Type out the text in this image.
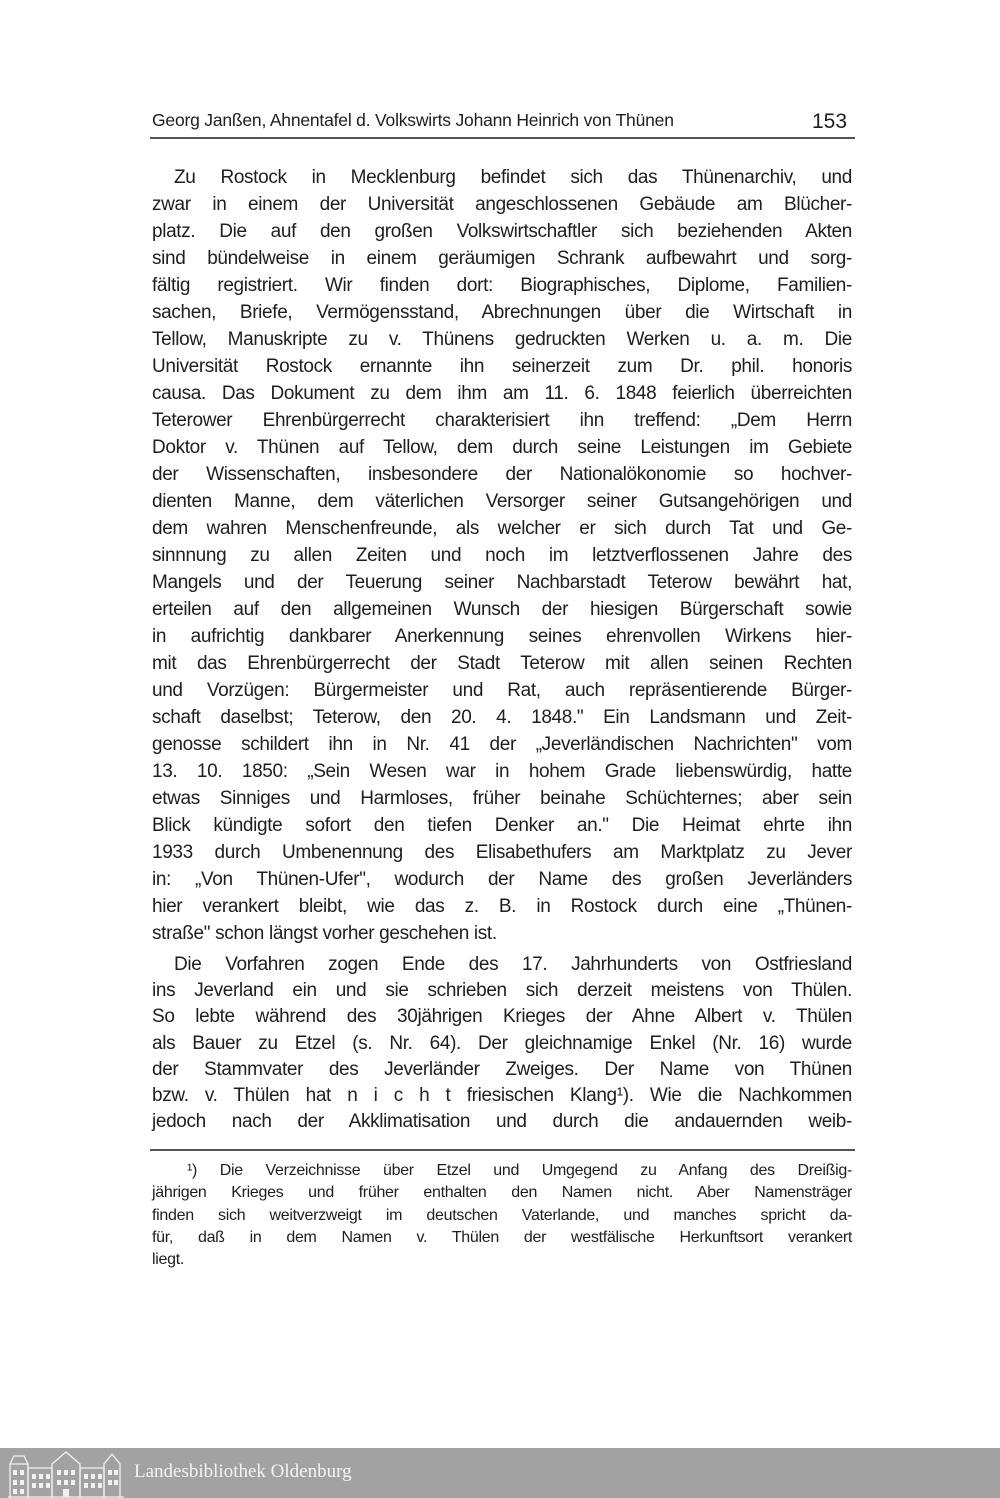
Georg Janßen, Ahnentafel d. Volkswirts Johann Heinrich von Thünen	153
Zu Rostock in Mecklenburg befindet sich das Thünenarchiv, und
zwar in einem der Universität angeschlossenen Gebäude am Blücher-
platz. Die auf den großen Volkswirtschaftler sich beziehenden Akten
sind bündelweise in einem geräumigen Schrank aufbewahrt und sorg-
fältig registriert. Wir finden dort: Biographisches, Diplome, Familien-
sachen, Briefe, Vermögensstand, Abrechnungen über die Wirtschaft in
Tellow, Manuskripte zu v. Thünens gedruckten Werken u. a. m. Die
Universität Rostock ernannte ihn seinerzeit zum Dr. phil. honoris
causa. Das Dokument zu dem ihm am 11. 6. 1848 feierlich überreichten
Teterower Ehrenbürgerrecht charakterisiert ihn treffend: „Dem Herrn
Doktor v. Thünen auf Tellow, dem durch seine Leistungen im Gebiete
der Wissenschaften, insbesondere der Nationalökonomie so hochver-
dienten Manne, dem väterlichen Versorger seiner Gutsangehörigen und
dem wahren Menschenfreunde, als welcher er sich durch Tat und Ge-
sinnnung zu allen Zeiten und noch im letztverflossenen Jahre des
Mangels und der Teuerung seiner Nachbarstadt Teterow bewährt hat,
erteilen auf den allgemeinen Wunsch der hiesigen Bürgerschaft sowie
in aufrichtig dankbarer Anerkennung seines ehrenvollen Wirkens hier-
mit das Ehrenbürgerrecht der Stadt Teterow mit allen seinen Rechten
und Vorzügen: Bürgermeister und Rat, auch repräsentierende Bürger-
schaft daselbst; Teterow, den 20. 4. 1848." Ein Landsmann und Zeit-
genosse schildert ihn in Nr. 41 der „Jeverländischen Nachrichten" vom
13. 10. 1850: „Sein Wesen war in hohem Grade liebenswürdig, hatte
etwas Sinniges und Harmloses, früher beinahe Schüchternes; aber sein
Blick kündigte sofort den tiefen Denker an." Die Heimat ehrte ihn
1933 durch Umbenennung des Elisabethufers am Marktplatz zu Jever
in: „Von Thünen-Ufer", wodurch der Name des großen Jeverländers
hier verankert bleibt, wie das z. B. in Rostock durch eine „Thünen-
straße" schon längst vorher geschehen ist.
Die Vorfahren zogen Ende des 17. Jahrhunderts von Ostfriesland
ins Jeverland ein und sie schrieben sich derzeit meistens von Thülen.
So lebte während des 30jährigen Krieges der Ahne Albert v. Thülen
als Bauer zu Etzel (s. Nr. 64). Der gleichnamige Enkel (Nr. 16) wurde
der Stammvater des Jeverländer Zweiges. Der Name von Thünen
bzw. v. Thülen hat n i c h t friesischen Klang¹). Wie die Nachkommen
jedoch nach der Akklimatisation und durch die andauernden weib-
¹) Die Verzeichnisse über Etzel und Umgegend zu Anfang des Dreißig-
jährigen Krieges und früher enthalten den Namen nicht. Aber Namensträger
finden sich weitverzweigt im deutschen Vaterlande, und manches spricht da-
für, daß in dem Namen v. Thülen der westfälische Herkunftsort verankert
liegt.
Landesbibliothek Oldenburg
